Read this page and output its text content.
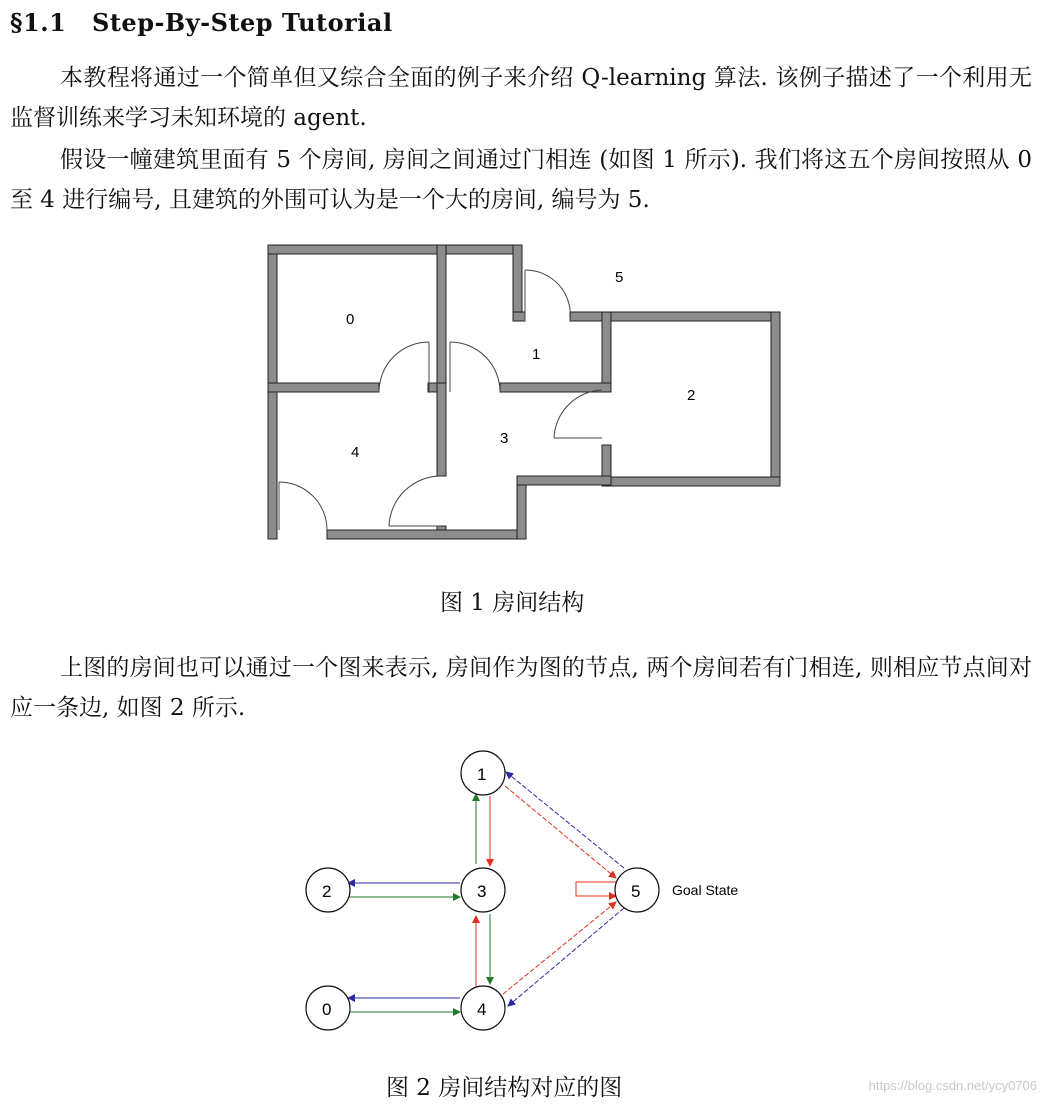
§1.1 Step-By-Step Tutorial
本教程将通过一个简单但又综合全面的例子来介绍 Q-learning 算法. 该例子描述了一个利用无监督训练来学习未知环境的 agent.
假设一幢建筑里面有 5 个房间, 房间之间通过门相连 (如图 1 所示). 我们将这五个房间按照从 0 至 4 进行编号, 且建筑的外围可认为是一个大的房间, 编号为 5.
0
1
2
3
4
5
图 1 房间结构
上图的房间也可以通过一个图来表示, 房间作为图的节点, 两个房间若有门相连, 则相应节点间对应一条边, 如图 2 所示.
0
1
2	3
4
5 Goal State
图 2 房间结构对应的图	https://blog.csdn.net/ycy0706
